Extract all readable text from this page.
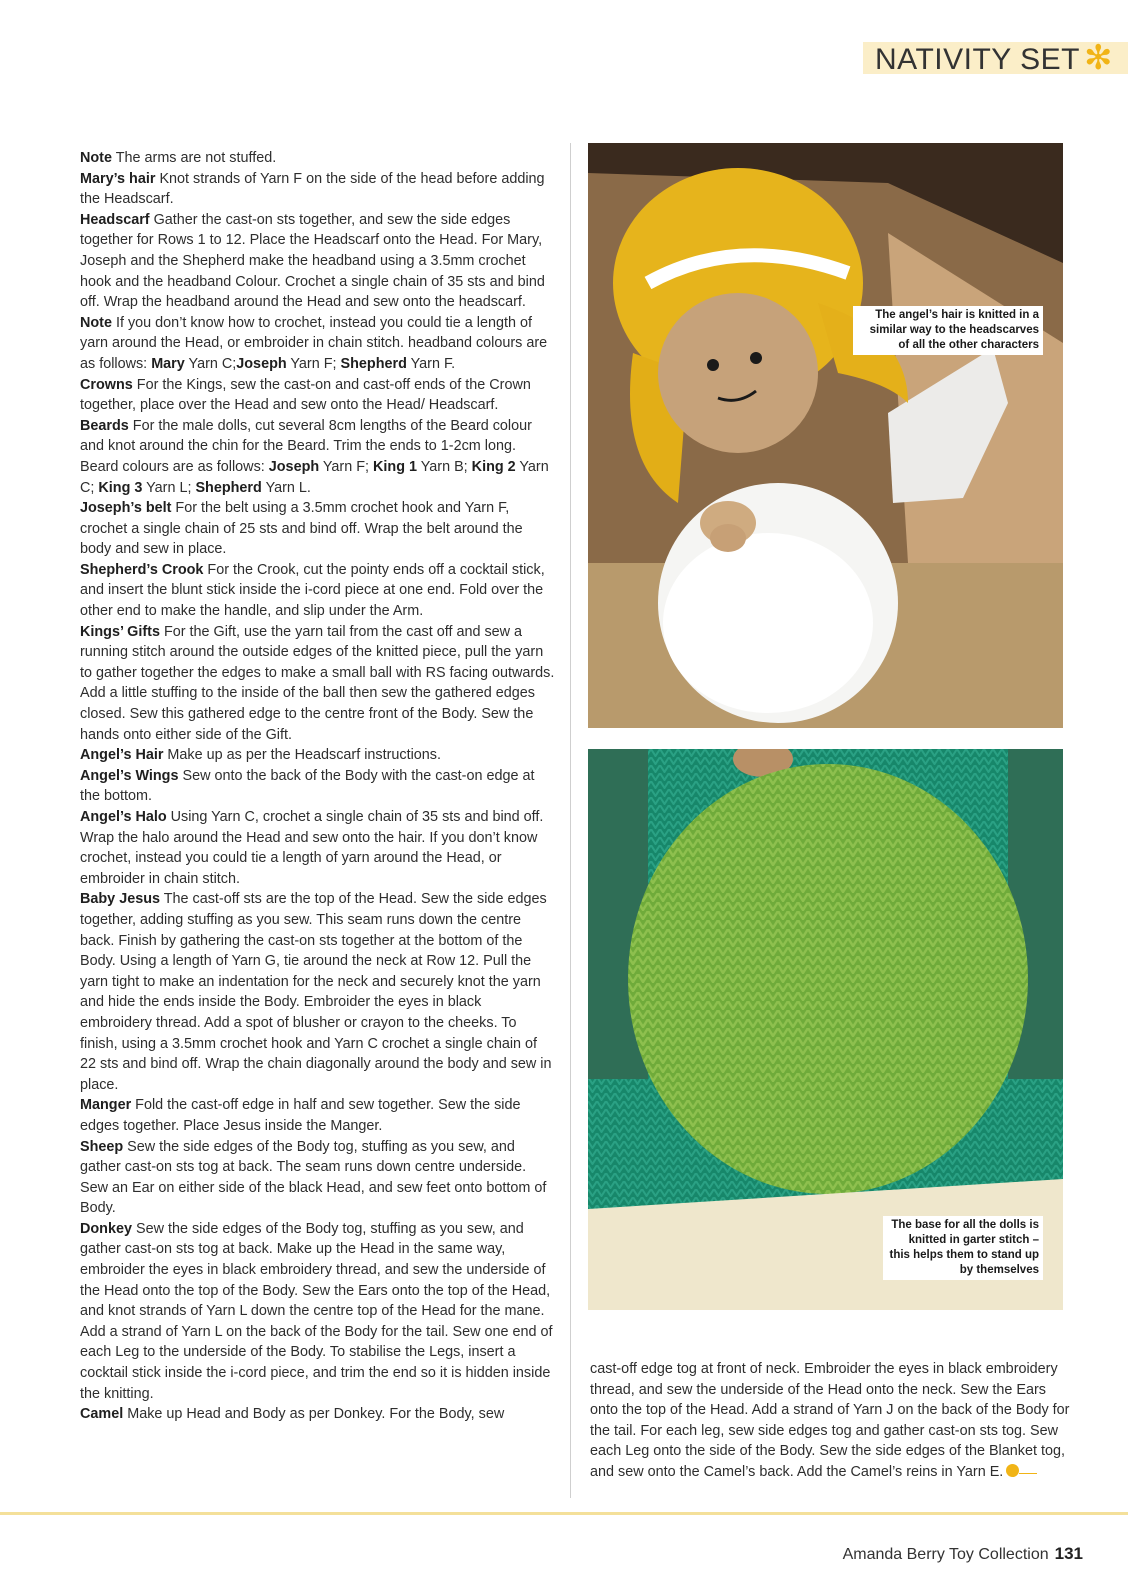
NATIVITY SET ✻

Note The arms are not stuffed.

Mary’s hair Knot strands of Yarn F on the side of the head before adding the Headscarf.

Headscarf Gather the cast-on sts together, and sew the side edges together for Rows 1 to 12. Place the Headscarf onto the Head. For Mary, Joseph and the Shepherd make the headband using a 3.5mm crochet hook and the headband Colour. Crochet a single chain of 35 sts and bind off. Wrap the headband around the Head and sew onto the headscarf.

Note If you don’t know how to crochet, instead you could tie a length of yarn around the Head, or embroider in chain stitch. headband colours are as follows: Mary Yarn C;Joseph Yarn F; Shepherd Yarn F.

Crowns For the Kings, sew the cast-on and cast-off ends of the Crown together, place over the Head and sew onto the Head/ Headscarf.

Beards For the male dolls, cut several 8cm lengths of the Beard colour and knot around the chin for the Beard. Trim the ends to 1-2cm long. Beard colours are as follows: Joseph Yarn F; King 1 Yarn B; King 2 Yarn C; King 3 Yarn L; Shepherd Yarn L.

Joseph’s belt For the belt using a 3.5mm crochet hook and Yarn F, crochet a single chain of 25 sts and bind off. Wrap the belt around the body and sew in place.

Shepherd’s Crook For the Crook, cut the pointy ends off a cocktail stick, and insert the blunt stick inside the i-cord piece at one end. Fold over the other end to make the handle, and slip under the Arm.

Kings’ Gifts For the Gift, use the yarn tail from the cast off and sew a running stitch around the outside edges of the knitted piece, pull the yarn to gather together the edges to make a small ball with RS facing outwards. Add a little stuffing to the inside of the ball then sew the gathered edges closed. Sew this gathered edge to the centre front of the Body. Sew the hands onto either side of the Gift.

Angel’s Hair Make up as per the Headscarf instructions.

Angel’s Wings Sew onto the back of the Body with the cast-on edge at the bottom.

Angel’s Halo Using Yarn C, crochet a single chain of 35 sts and bind off. Wrap the halo around the Head and sew onto the hair. If you don’t know crochet, instead you could tie a length of yarn around the Head, or embroider in chain stitch.

Baby Jesus The cast-off sts are the top of the Head. Sew the side edges together, adding stuffing as you sew. This seam runs down the centre back. Finish by gathering the cast-on sts together at the bottom of the Body. Using a length of Yarn G, tie around the neck at Row 12. Pull the yarn tight to make an indentation for the neck and securely knot the yarn and hide the ends inside the Body. Embroider the eyes in black embroidery thread. Add a spot of blusher or crayon to the cheeks. To finish, using a 3.5mm crochet hook and Yarn C crochet a single chain of 22 sts and bind off. Wrap the chain diagonally around the body and sew in place.

Manger Fold the cast-off edge in half and sew together. Sew the side edges together. Place Jesus inside the Manger.

Sheep Sew the side edges of the Body tog, stuffing as you sew, and gather cast-on sts tog at back. The seam runs down centre underside. Sew an Ear on either side of the black Head, and sew feet onto bottom of Body.

Donkey Sew the side edges of the Body tog, stuffing as you sew, and gather cast-on sts tog at back. Make up the Head in the same way, embroider the eyes in black embroidery thread, and sew the underside of the Head onto the top of the Body. Sew the Ears onto the top of the Head, and knot strands of Yarn L down the centre top of the Head for the mane. Add a strand of Yarn L on the back of the Body for the tail. Sew one end of each Leg to the underside of the Body. To stabilise the Legs, insert a cocktail stick inside the i-cord piece, and trim the end so it is hidden inside the knitting.

Camel Make up Head and Body as per Donkey. For the Body, sew

The angel’s hair is knitted in a similar way to the headscarves of all the other characters
The base for all the dolls is knitted in garter stitch – this helps them to stand up by themselves

cast-off edge tog at front of neck. Embroider the eyes in black embroidery thread, and sew the underside of the Head onto the neck. Sew the Ears onto the top of the Head. Add a strand of Yarn J on the back of the Body for the tail. For each leg, sew side edges tog and gather cast-on sts tog. Sew each Leg onto the side of the Body. Sew the side edges of the Blanket tog, and sew onto the Camel’s back. Add the Camel’s reins in Yarn E.

Amanda Berry Toy Collection 131
